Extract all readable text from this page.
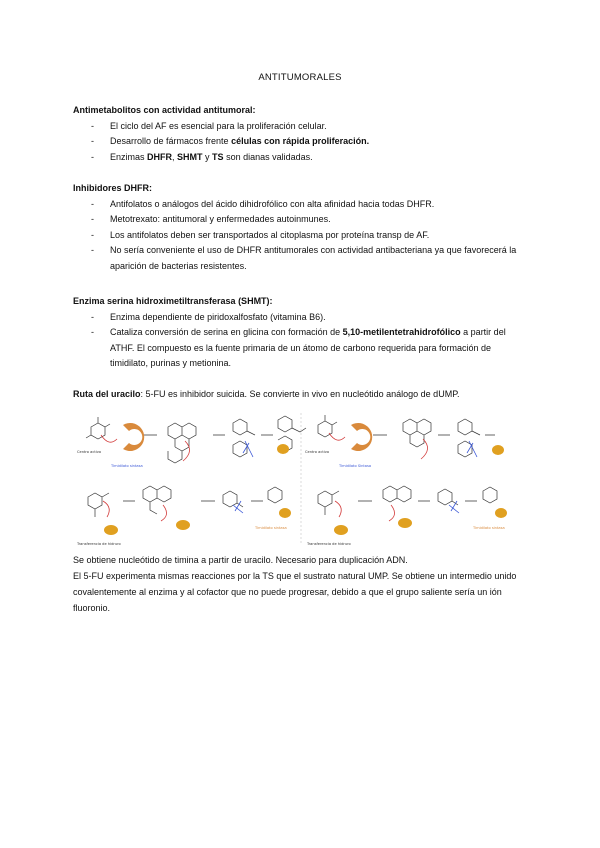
ANTITUMORALES
Antimetabolitos con actividad antitumoral:
- El ciclo del AF es esencial para la proliferación celular.
- Desarrollo de fármacos frente células con rápida proliferación.
- Enzimas DHFR, SHMT y TS son dianas validadas.
Inhibidores DHFR:
- Antifolatos o análogos del ácido dihidrofólico con alta afinidad hacia todas DHFR.
- Metotrexato: antitumoral y enfermedades autoinmunes.
- Los antifolatos deben ser transportados al citoplasma por proteína transp de AF.
- No sería conveniente el uso de DHFR antitumorales con actividad antibacteriana ya que favorecerá la aparición de bacterias resistentes.
Enzima serina hidroximetiltransferasa (SHMT):
- Enzima dependiente de piridoxalfosfato (vitamina B6).
- Cataliza conversión de serina en glicina con formación de 5,10-metilentetrahidrofólico a partir del ATHF. El compuesto es la fuente primaria de un átomo de carbono requerida para formación de timidilato, purinas y metionina.

Ruta del uracilo: 5-FU es inhibidor suicida. Se convierte in vivo en nucleótido análogo de dUMP.

Timidilato sintasa	Timidilato Sintasa
Transferencia de hidruro	Transferencia de hidruro
Centro activo	Centro activo
Timidilato sintasa	Timidilato sintasa

Se obtiene nucleótido de timina a partir de uracilo. Necesario para duplicación ADN.

El 5-FU experimenta mismas reacciones por la TS que el sustrato natural UMP. Se obtiene un intermedio unido covalentemente al enzima y al cofactor que no puede progresar, debido a que el grupo saliente sería un ión fluoronio.
